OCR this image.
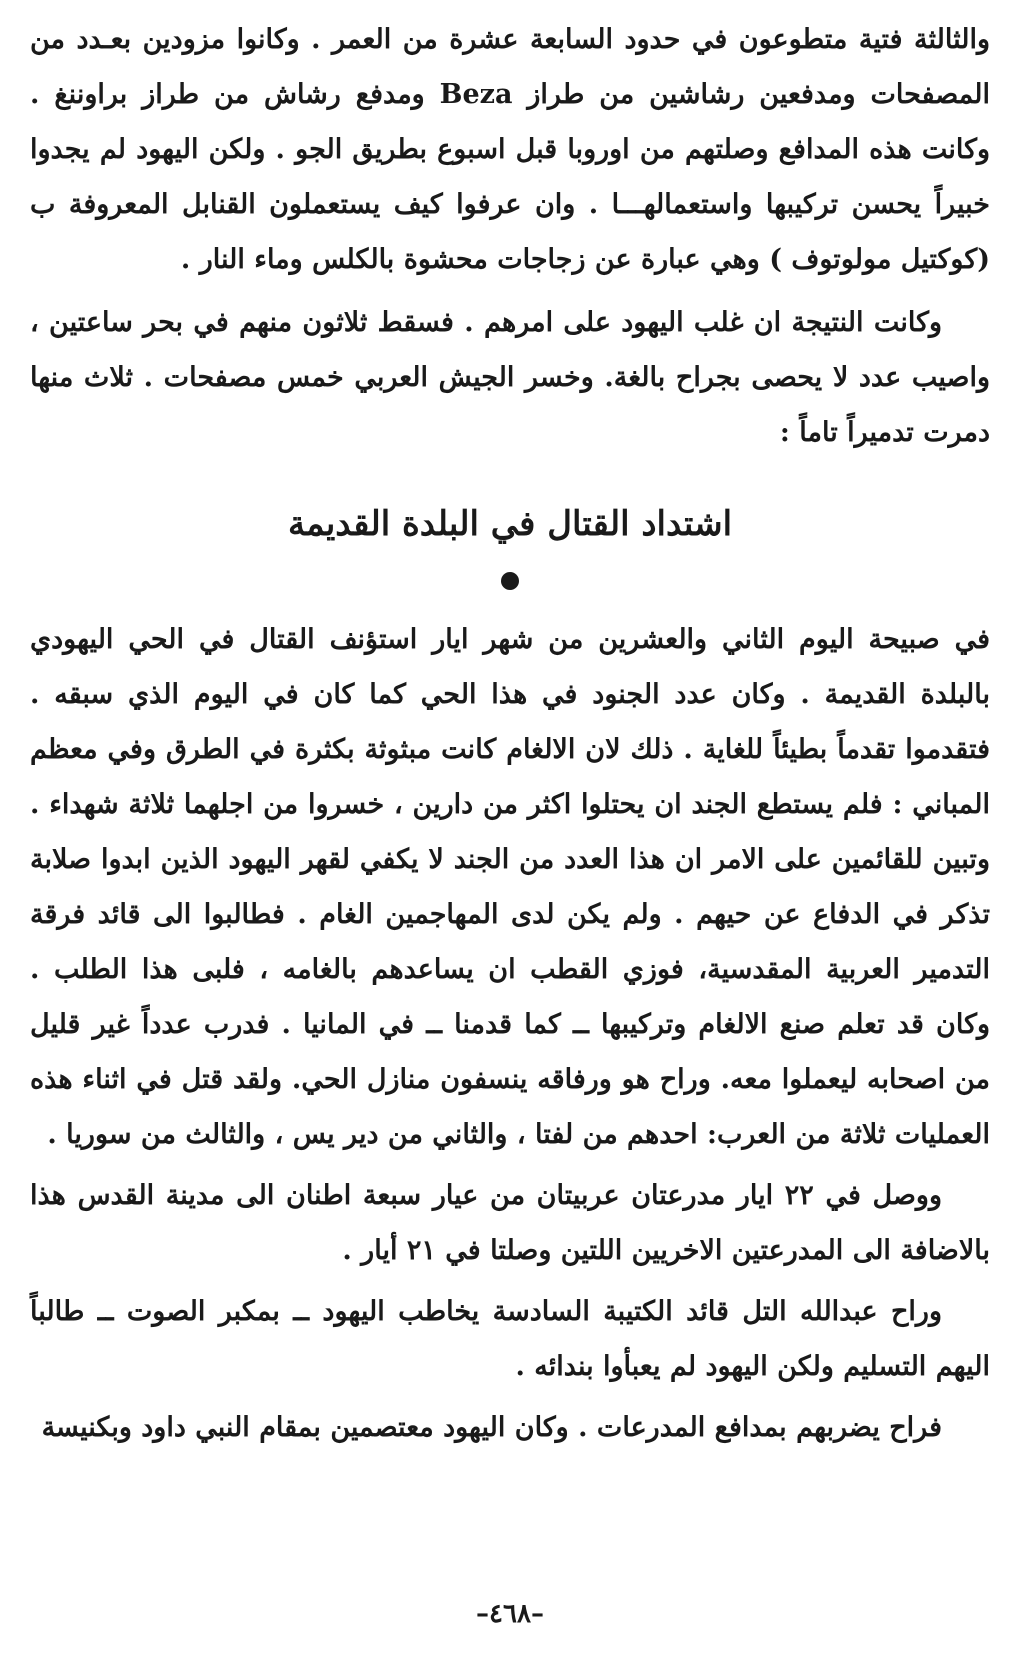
والثالثة فتية متطوعون في حدود السابعة عشرة من العمر . وكانوا مزودين بعـدد من المصفحات ومدفعين رشاشين من طراز Beza ومدفع رشاش من طراز براوننغ . وكانت هذه المدافع وصلتهم من اوروبا قبل اسبوع بطريق الجو . ولكن اليهود لم يجدوا خبيراً يحسن تركيبها واستعمالهـــا . وان عرفوا كيف يستعملون القنابل المعروفة ب (كوكتيل مولوتوف ) وهي عبارة عن زجاجات محشوة بالكلس وماء النار .

وكانت النتيجة ان غلب اليهود على امرهم . فسقط ثلاثون منهم في بحر ساعتين ، واصيب عدد لا يحصى بجراح بالغة. وخسر الجيش العربي خمس مصفحات . ثلاث منها دمرت تدميراً تاماً :

اشتداد القتال في البلدة القديمة

في صبيحة اليوم الثاني والعشرين من شهر ايار استؤنف القتال في الحي اليهودي بالبلدة القديمة . وكان عدد الجنود في هذا الحي كما كان في اليوم الذي سبقه . فتقدموا تقدماً بطيئاً للغاية . ذلك لان الالغام كانت مبثوثة بكثرة في الطرق وفي معظم المباني : فلم يستطع الجند ان يحتلوا اكثر من دارين ، خسروا من اجلهما ثلاثة شهداء . وتبين للقائمين على الامر ان هذا العدد من الجند لا يكفي لقهر اليهود الذين ابدوا صلابة تذكر في الدفاع عن حيهم . ولم يكن لدى المهاجمين الغام . فطالبوا الى قائد فرقة التدمير العربية المقدسية، فوزي القطب ان يساعدهم بالغامه ، فلبى هذا الطلب . وكان قد تعلم صنع الالغام وتركيبها ــ كما قدمنا ــ في المانيا . فدرب عدداً غير قليل من اصحابه ليعملوا معه. وراح هو ورفاقه ينسفون منازل الحي. ولقد قتل في اثناء هذه العمليات ثلاثة من العرب: احدهم من لفتا ، والثاني من دير يس ، والثالث من سوريا .

ووصل في ٢٢ ايار مدرعتان عربيتان من عيار سبعة اطنان الى مدينة القدس هذا بالاضافة الى المدرعتين الاخريين اللتين وصلتا في ٢١ أيار .

وراح عبدالله التل قائد الكتيبة السادسة يخاطب اليهود ــ بمكبر الصوت ــ طالباً اليهم التسليم ولكن اليهود لم يعبأوا بندائه .

فراح يضربهم بمدافع المدرعات . وكان اليهود معتصمين بمقام النبي داود وبكنيسة

–٤٦٨–
